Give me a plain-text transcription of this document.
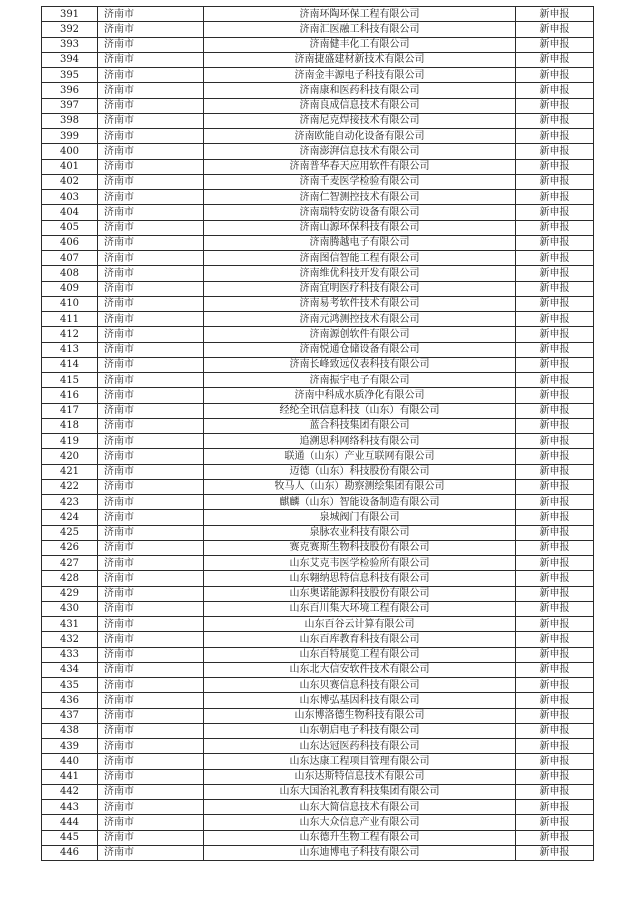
391	济南市	济南环陶环保工程有限公司	新申报
392	济南市	济南汇医融工科技有限公司	新申报
393	济南市	济南健丰化工有限公司	新申报
394	济南市	济南捷盛建材新技术有限公司	新申报
395	济南市	济南金丰源电子科技有限公司	新申报
396	济南市	济南康和医药科技有限公司	新申报
397	济南市	济南良成信息技术有限公司	新申报
398	济南市	济南尼克焊接技术有限公司	新申报
399	济南市	济南欧能自动化设备有限公司	新申报
400	济南市	济南澎湃信息技术有限公司	新申报
401	济南市	济南普华春天应用软件有限公司	新申报
402	济南市	济南千麦医学检验有限公司	新申报
403	济南市	济南仁智测控技术有限公司	新申报
404	济南市	济南瑞特安防设备有限公司	新申报
405	济南市	济南山源环保科技有限公司	新申报
406	济南市	济南腾越电子有限公司	新申报
407	济南市	济南图信智能工程有限公司	新申报
408	济南市	济南维优科技开发有限公司	新申报
409	济南市	济南宜明医疗科技有限公司	新申报
410	济南市	济南易考软件技术有限公司	新申报
411	济南市	济南元鸿测控技术有限公司	新申报
412	济南市	济南源创软件有限公司	新申报
413	济南市	济南悦通仓储设备有限公司	新申报
414	济南市	济南长峰致远仪表科技有限公司	新申报
415	济南市	济南振宇电子有限公司	新申报
416	济南市	济南中科成水质净化有限公司	新申报
417	济南市	经纶全讯信息科技（山东）有限公司	新申报
418	济南市	蓝合科技集团有限公司	新申报
419	济南市	追溯思科网络科技有限公司	新申报
420	济南市	联通（山东）产业互联网有限公司	新申报
421	济南市	迈德（山东）科技股份有限公司	新申报
422	济南市	牧马人（山东）勘察测绘集团有限公司	新申报
423	济南市	麒麟（山东）智能设备制造有限公司	新申报
424	济南市	泉城阀门有限公司	新申报
425	济南市	泉脉农业科技有限公司	新申报
426	济南市	赛克赛斯生物科技股份有限公司	新申报
427	济南市	山东艾克韦医学检验所有限公司	新申报
428	济南市	山东翱纳思特信息科技有限公司	新申报
429	济南市	山东奥诺能源科技股份有限公司	新申报
430	济南市	山东百川集大环境工程有限公司	新申报
431	济南市	山东百谷云计算有限公司	新申报
432	济南市	山东百库教育科技有限公司	新申报
433	济南市	山东百特展览工程有限公司	新申报
434	济南市	山东北大信安软件技术有限公司	新申报
435	济南市	山东贝赛信息科技有限公司	新申报
436	济南市	山东博弘基因科技有限公司	新申报
437	济南市	山东博洛德生物科技有限公司	新申报
438	济南市	山东朝启电子科技有限公司	新申报
439	济南市	山东达冠医药科技有限公司	新申报
440	济南市	山东达康工程项目管理有限公司	新申报
441	济南市	山东达斯特信息技术有限公司	新申报
442	济南市	山东大国治礼教育科技集团有限公司	新申报
443	济南市	山东大简信息技术有限公司	新申报
444	济南市	山东大众信息产业有限公司	新申报
445	济南市	山东德升生物工程有限公司	新申报
446	济南市	山东迪博电子科技有限公司	新申报
